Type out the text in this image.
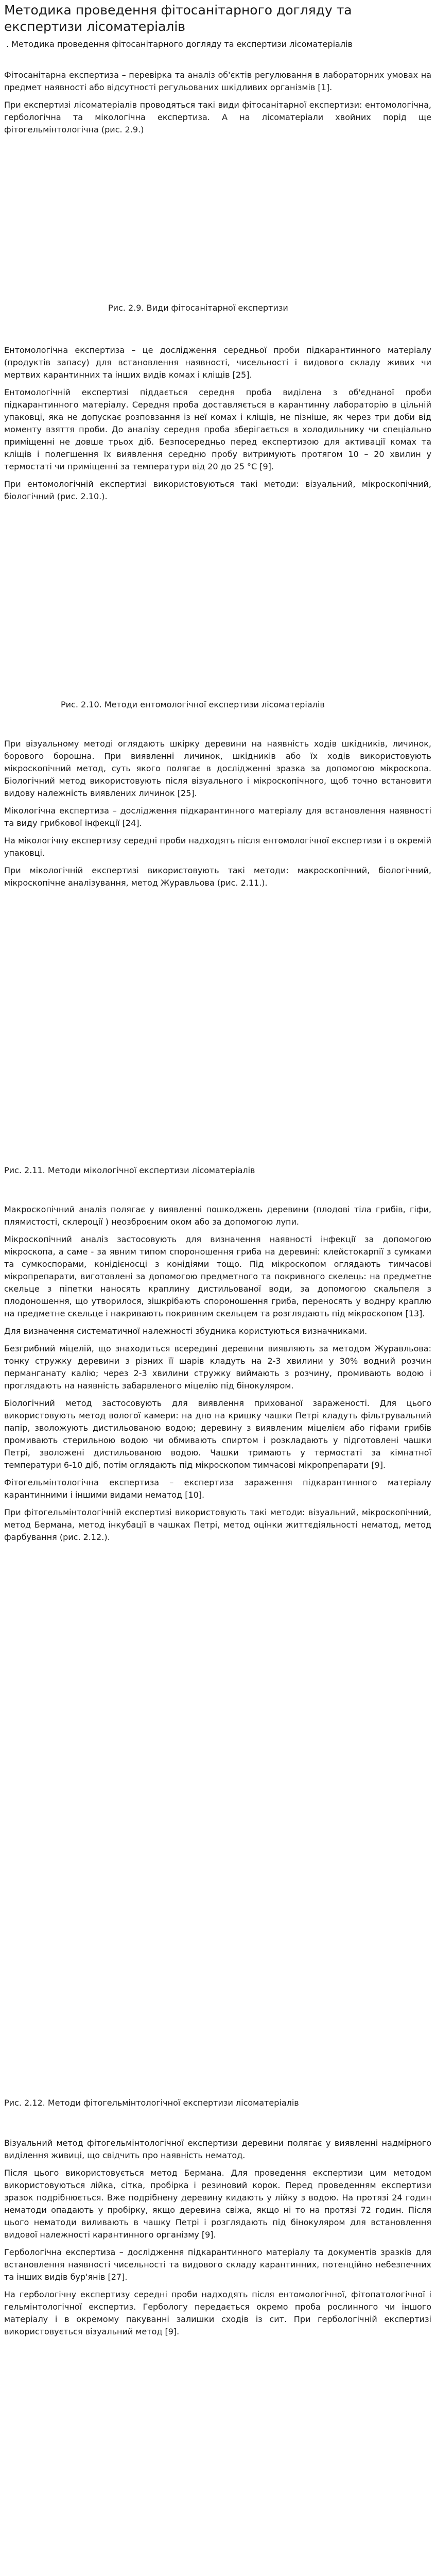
Методика проведення фітосанітарного догляду та експертизи лісоматеріалів

. Методика проведення фітосанітарного догляду та експертизи лісоматеріалів

Фітосанітарна експертиза – перевірка та аналіз об'єктів регулювання в лабораторних умовах на предмет наявності або відсутності регульованих шкідливих організмів [1].

При експертизі лісоматеріалів проводяться такі види фітосанітарної експертизи: ентомологічна, гербологічна та мікологічна експертиза. А на лісоматеріали хвойних порід ще фітогельмінтологічна (рис. 2.9.)

Рис. 2.9. Види фітосанітарної експертизи

Ентомологічна експертиза – це дослідження середньої проби підкарантинного матеріалу (продуктів запасу) для встановлення наявності, чисельності і видового складу живих чи мертвих карантинних та інших видів комах і кліщів [25].

Ентомологічній експертизі піддається середня проба виділена з об'єднаної проби підкарантинного матеріалу. Середня проба доставляється в карантинну лабораторію в цільній упаковці, яка не допускає розповзання із неї комах і кліщів, не пізніше, як через три доби від моменту взяття проби. До аналізу середня проба зберігається в холодильнику чи спеціально приміщенні не довше трьох діб. Безпосередньо перед експертизою для активації комах та кліщів і полегшення їх виявлення середню пробу витримують протягом 10 – 20 хвилин у термостаті чи приміщенні за температури від 20 до 25 °С [9].

При ентомологічній експертизі використовуються такі методи: візуальний, мікроскопічний, біологічний (рис. 2.10.).

Рис. 2.10. Методи ентомологічної експертизи лісоматеріалів

При візуальному методі оглядають шкірку деревини на наявність ходів шкідників, личинок, борового борошна. При виявленні личинок, шкідників або їх ходів використовують мікроскопічний метод, суть якого полягає в дослідженні зразка за допомогою мікроскопа. Біологічний метод використовують після візуального і мікроскопічного, щоб точно встановити видову належність виявлених личинок [25].

Мікологічна експертиза – дослідження підкарантинного матеріалу для встановлення наявності та виду грибкової інфекції [24].

На мікологічну експертизу середні проби надходять після ентомологічної експертизи і в окремій упаковці.

При мікологічній експертизі використовують такі методи: макроскопічний, біологічний, мікроскопічне аналізування, метод Журавльова (рис. 2.11.).

Рис. 2.11. Методи мікологічної експертизи лісоматеріалів

Макроскопічний аналіз полягає у виявленні пошкоджень деревини (плодові тіла грибів, гіфи, плямистості, склероції ) неозброєним оком або за допомогою лупи.

Мікроскопічний аналіз застосовують для визначення наявності інфекції за допомогою мікроскопа, а саме - за явним типом спороношення гриба на деревині: клейстокарпії з сумками та сумкоспорами, конідієносці з конідіями тощо. Під мікроскопом оглядають тимчасові мікропрепарати, виготовлені за допомогою предметного та покривного скелець: на предметне скельце з піпетки наносять краплину дистильованої води, за допомогою скальпеля з плодоношення, що утворилося, зішкрібають спороношення гриба, переносять у воднру краплю на предметне скельце і накривають покривним скельцем та розглядають під мікроскопом [13].

Для визначення систематичної належності збудника користуються визначниками.

Безгрибний міцелій, що знаходиться всередині деревини виявляють за методом Журавльова: тонку стружку деревини з різних її шарів кладуть на 2-3 хвилини у 30% водний розчин перманганату калію; через 2-3 хвилини стружку виймають з розчину, промивають водою і проглядають на наявність забарвленого міцелію під бінокуляром.

Біологічний метод застосовують для виявлення прихованої зараженості. Для цього використовують метод вологої камери: на дно на кришку чашки Петрі кладуть фільтрувальний папір, зволожують дистильованою водою; деревину з виявленим міцелієм або гіфами грибів промивають стерильною водою чи обмивають спиртом і розкладають у підготовлені чашки Петрі, зволожені дистильованою водою. Чашки тримають у термостаті за кімнатної температури 6-10 діб, потім оглядають під мікроскопом тимчасові мікропрепарати [9].

Фітогельмінтологічна експертиза – експертиза зараження підкарантинного матеріалу карантинними і іншими видами нематод [10].

При фітогельмінтологічній експертизі використовують такі методи: візуальний, мікроскопічний, метод Бермана, метод інкубації в чашках Петрі, метод оцінки життєдіяльності нематод, метод фарбування (рис. 2.12.).

Рис. 2.12. Методи фітогельмінтологічної експертизи лісоматеріалів

Візуальний метод фітогельмінтологічної експертизи деревини полягає у виявленні надмірного виділення живиці, що свідчить про наявність нематод.

Після цього використовується метод Бермана. Для проведення експертизи цим методом використовуються лійка, сітка, пробірка і резиновий корок. Перед проведенням експертизи зразок подрібнюється. Вже подрібнену деревину кидають у лійку з водою. На протязі 24 годин нематоди опадають у пробірку, якщо деревина свіжа, якщо ні то на протязі 72 годин. Після цього нематоди виливають в чашку Петрі і розглядають під бінокуляром для встановлення видової належності карантинного організму [9].

Гербологічна експертиза – дослідження підкарантинного матеріалу та документів зразків для встановлення наявності чисельності та видового складу карантинних, потенційно небезпечних та інших видів бур'янів [27].

На гербологічну експертизу середні проби надходять після ентомологічної, фітопатологічної і гельмінтологічної експертиз. Гербологу передається окремо проба рослинного чи іншого матеріалу і в окремому пакуванні залишки сходів із сит. При гербологічній експертизі використовується візуальний метод [9].
